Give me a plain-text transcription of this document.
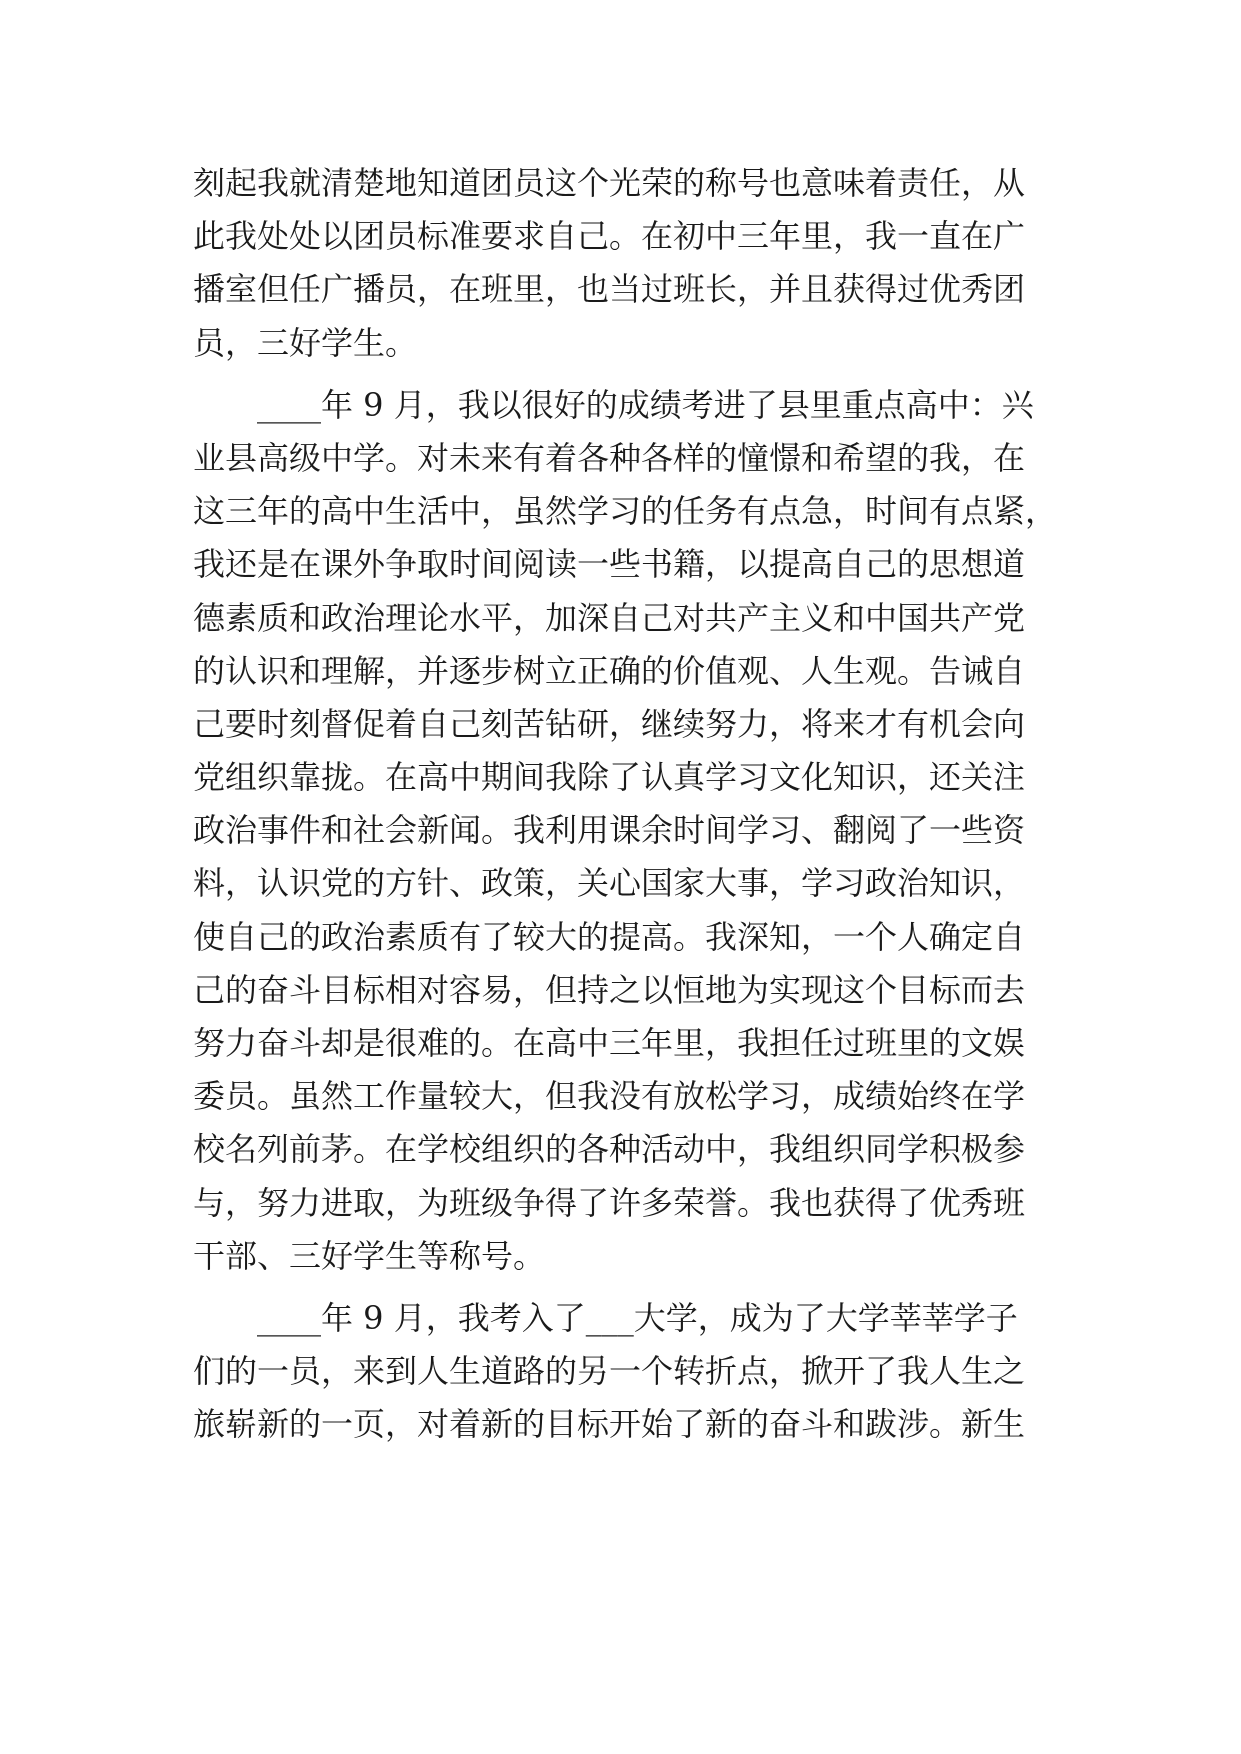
刻起我就清楚地知道团员这个光荣的称号也意味着责任，从
此我处处以团员标准要求自己。在初中三年里，我一直在广
播室但任广播员，在班里，也当过班长，并且获得过优秀团
员，三好学生。
____年 9 月，我以很好的成绩考进了县里重点高中：兴
业县高级中学。对未来有着各种各样的憧憬和希望的我，在
这三年的高中生活中，虽然学习的任务有点急，时间有点紧，
我还是在课外争取时间阅读一些书籍，以提高自己的思想道
德素质和政治理论水平，加深自己对共产主义和中国共产党
的认识和理解，并逐步树立正确的价值观、人生观。告诫自
己要时刻督促着自己刻苦钻研，继续努力，将来才有机会向
党组织靠拢。在高中期间我除了认真学习文化知识，还关注
政治事件和社会新闻。我利用课余时间学习、翻阅了一些资
料，认识党的方针、政策，关心国家大事，学习政治知识，
使自己的政治素质有了较大的提高。我深知，一个人确定自
己的奋斗目标相对容易，但持之以恒地为实现这个目标而去
努力奋斗却是很难的。在高中三年里，我担任过班里的文娱
委员。虽然工作量较大，但我没有放松学习，成绩始终在学
校名列前茅。在学校组织的各种活动中，我组织同学积极参
与，努力进取，为班级争得了许多荣誉。我也获得了优秀班
干部、三好学生等称号。
____年 9 月，我考入了___大学，成为了大学莘莘学子
们的一员，来到人生道路的另一个转折点，掀开了我人生之
旅崭新的一页，对着新的目标开始了新的奋斗和跋涉。新生
